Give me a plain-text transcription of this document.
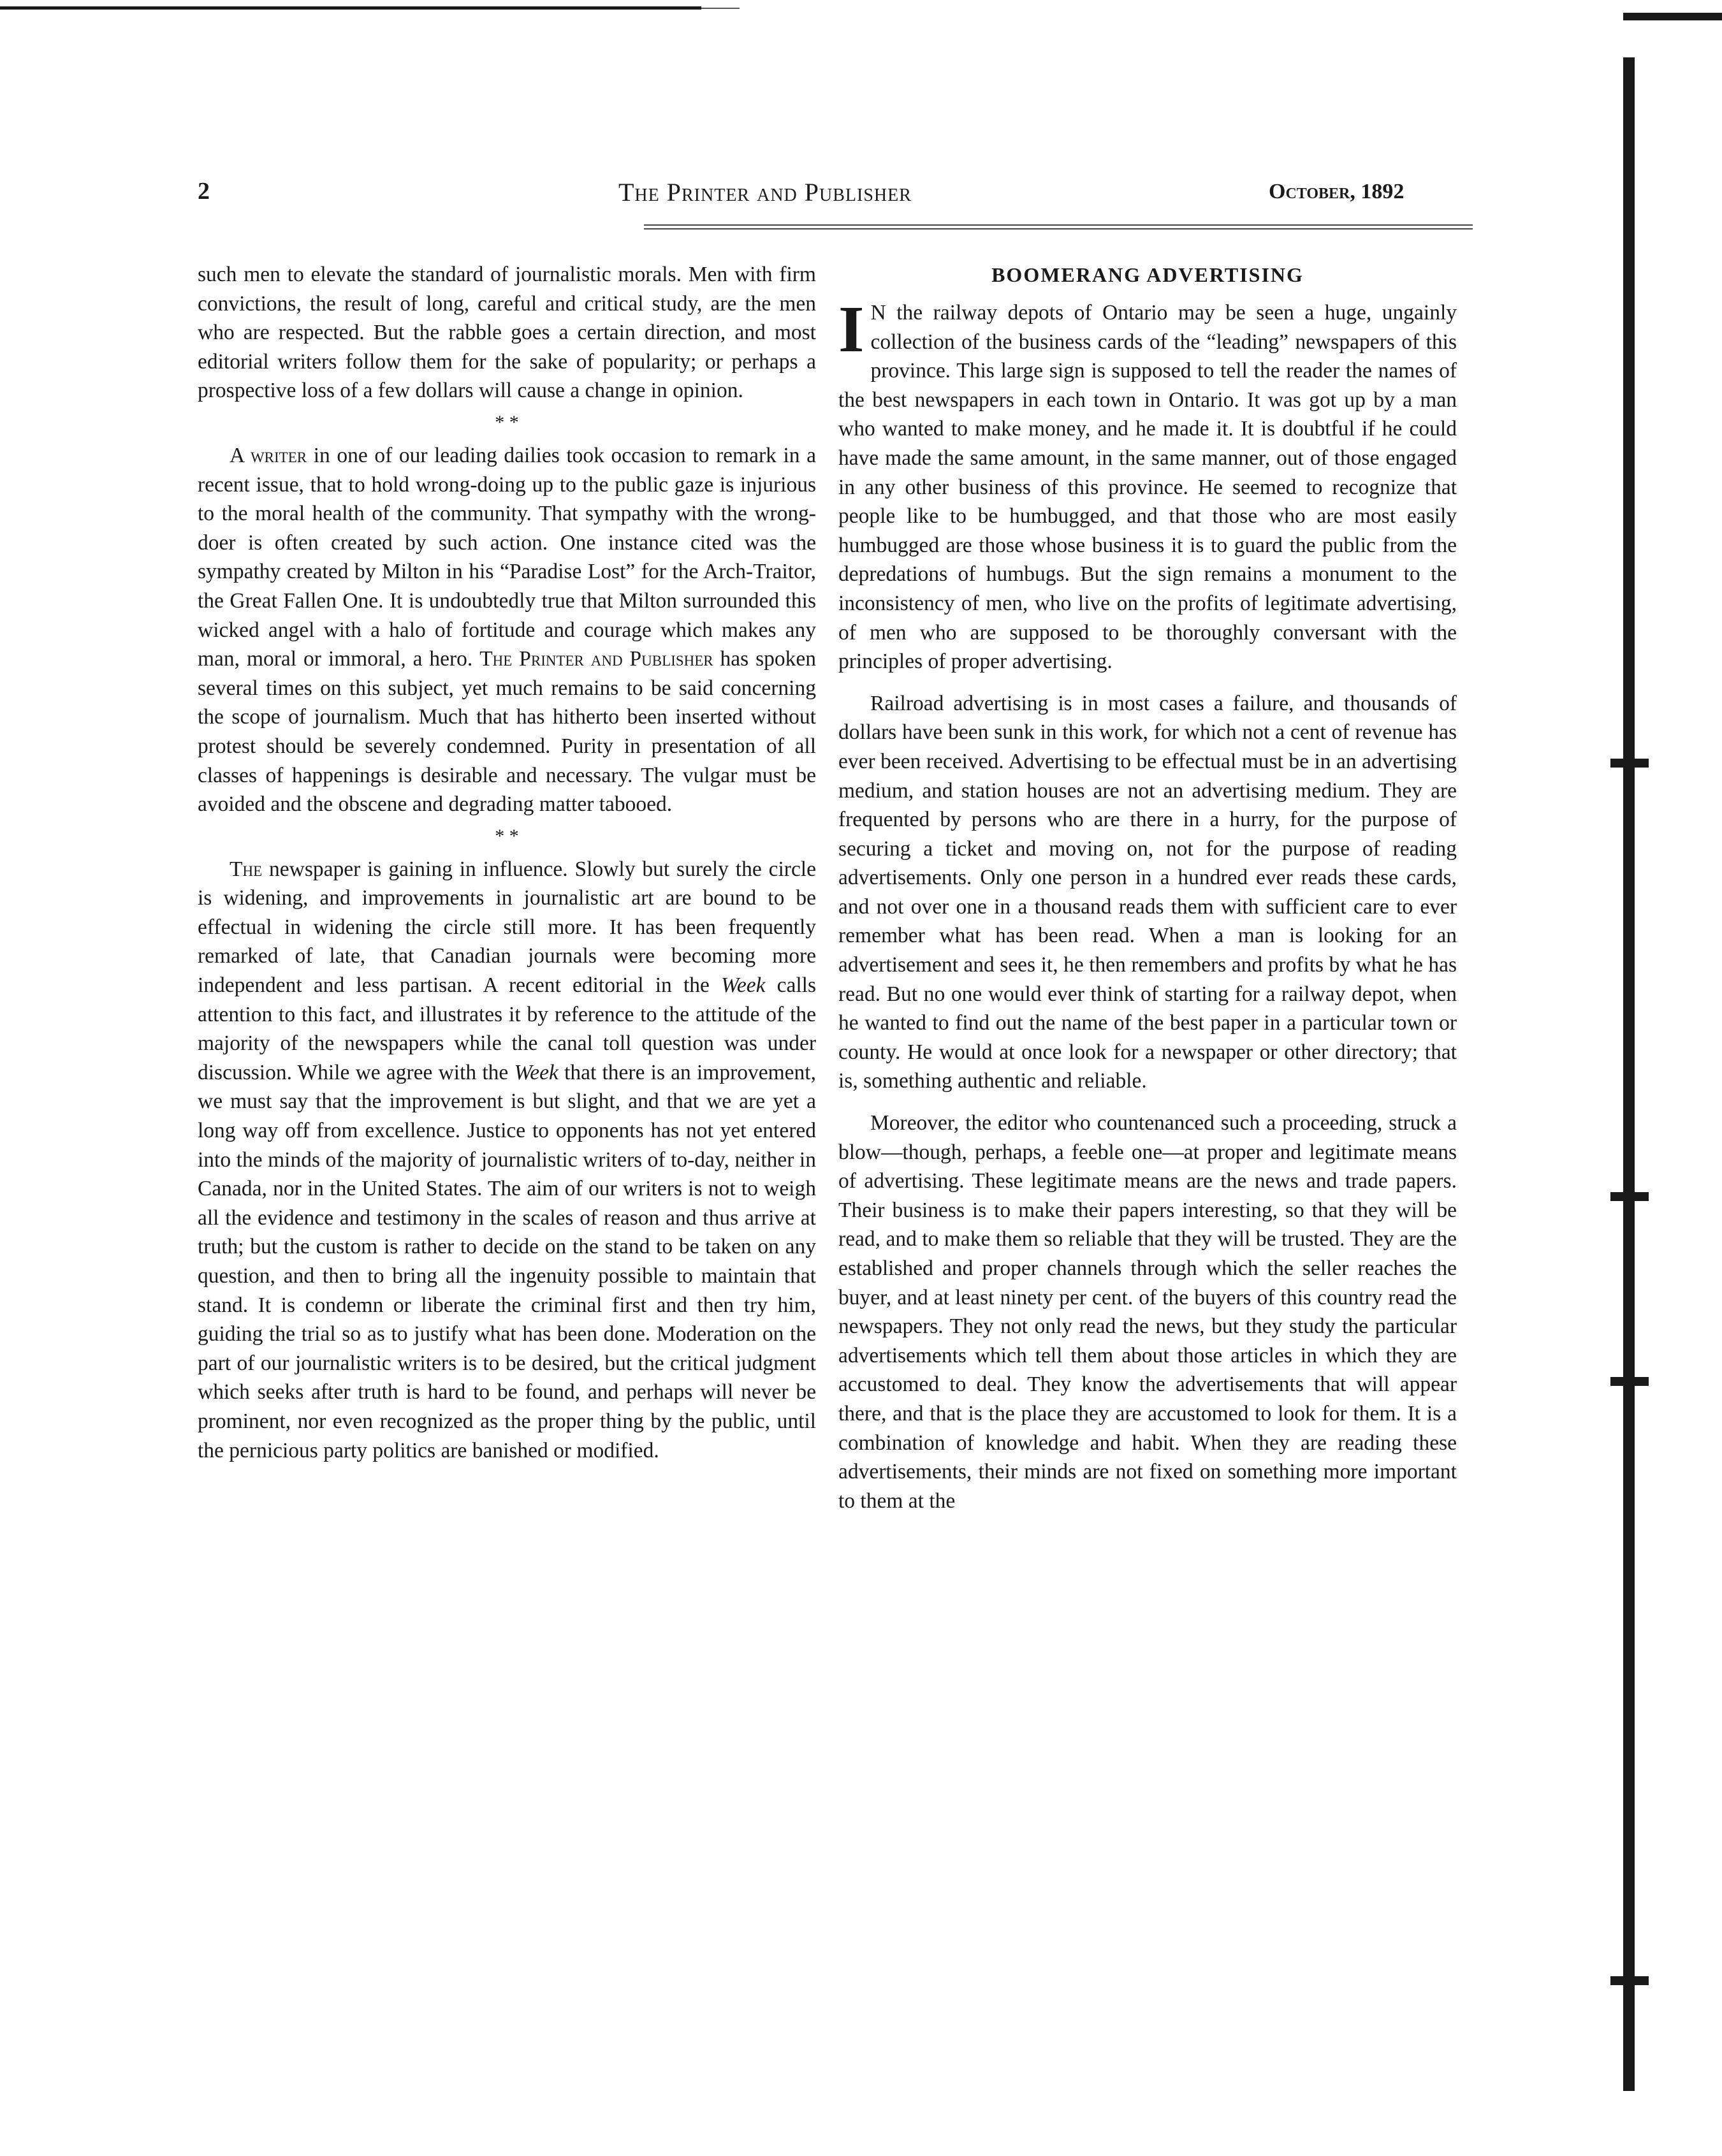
2	The Printer and Publisher	October, 1892

such men to elevate the standard of journalistic morals. Men with firm convictions, the result of long, careful and critical study, are the men who are respected. But the rabble goes a certain direction, and most editorial writers follow them for the sake of popularity; or perhaps a prospective loss of a few dollars will cause a change in opinion.

* *

A writer in one of our leading dailies took occasion to remark in a recent issue, that to hold wrong-doing up to the public gaze is injurious to the moral health of the community. That sympathy with the wrong-doer is often created by such action. One instance cited was the sympathy created by Milton in his “Paradise Lost” for the Arch-Traitor, the Great Fallen One. It is undoubtedly true that Milton surrounded this wicked angel with a halo of fortitude and courage which makes any man, moral or immoral, a hero. The Printer and Publisher has spoken several times on this subject, yet much remains to be said concerning the scope of journalism. Much that has hitherto been inserted without protest should be severely condemned. Purity in presentation of all classes of happenings is desirable and necessary. The vulgar must be avoided and the obscene and degrading matter tabooed.

* *

The newspaper is gaining in influence. Slowly but surely the circle is widening, and improvements in journalistic art are bound to be effectual in widening the circle still more. It has been frequently remarked of late, that Canadian journals were becoming more independent and less partisan. A recent editorial in the Week calls attention to this fact, and illustrates it by reference to the attitude of the majority of the newspapers while the canal toll question was under discussion. While we agree with the Week that there is an improvement, we must say that the improvement is but slight, and that we are yet a long way off from excellence. Justice to opponents has not yet entered into the minds of the majority of journalistic writers of to-day, neither in Canada, nor in the United States. The aim of our writers is not to weigh all the evidence and testimony in the scales of reason and thus arrive at truth; but the custom is rather to decide on the stand to be taken on any question, and then to bring all the ingenuity possible to maintain that stand. It is condemn or liberate the criminal first and then try him, guiding the trial so as to justify what has been done. Moderation on the part of our journalistic writers is to be desired, but the critical judgment which seeks after truth is hard to be found, and perhaps will never be prominent, nor even recognized as the proper thing by the public, until the pernicious party politics are banished or modified.

BOOMERANG ADVERTISING

I N the railway depots of Ontario may be seen a huge, ungainly collection of the business cards of the “leading” newspapers of this province. This large sign is supposed to tell the reader the names of the best newspapers in each town in Ontario. It was got up by a man who wanted to make money, and he made it. It is doubtful if he could have made the same amount, in the same manner, out of those engaged in any other business of this province. He seemed to recognize that people like to be humbugged, and that those who are most easily humbugged are those whose business it is to guard the public from the depredations of humbugs. But the sign remains a monument to the inconsistency of men, who live on the profits of legitimate advertising, of men who are supposed to be thoroughly conversant with the principles of proper advertising.

Railroad advertising is in most cases a failure, and thousands of dollars have been sunk in this work, for which not a cent of revenue has ever been received. Advertising to be effectual must be in an advertising medium, and station houses are not an advertising medium. They are frequented by persons who are there in a hurry, for the purpose of securing a ticket and moving on, not for the purpose of reading advertisements. Only one person in a hundred ever reads these cards, and not over one in a thousand reads them with sufficient care to ever remember what has been read. When a man is looking for an advertisement and sees it, he then remembers and profits by what he has read. But no one would ever think of starting for a railway depot, when he wanted to find out the name of the best paper in a particular town or county. He would at once look for a newspaper or other directory; that is, something authentic and reliable.

Moreover, the editor who countenanced such a proceeding, struck a blow—though, perhaps, a feeble one—at proper and legitimate means of advertising. These legitimate means are the news and trade papers. Their business is to make their papers interesting, so that they will be read, and to make them so reliable that they will be trusted. They are the established and proper channels through which the seller reaches the buyer, and at least ninety per cent. of the buyers of this country read the newspapers. They not only read the news, but they study the particular advertisements which tell them about those articles in which they are accustomed to deal. They know the advertisements that will appear there, and that is the place they are accustomed to look for them. It is a combination of knowledge and habit. When they are reading these advertisements, their minds are not fixed on something more important to them at the
